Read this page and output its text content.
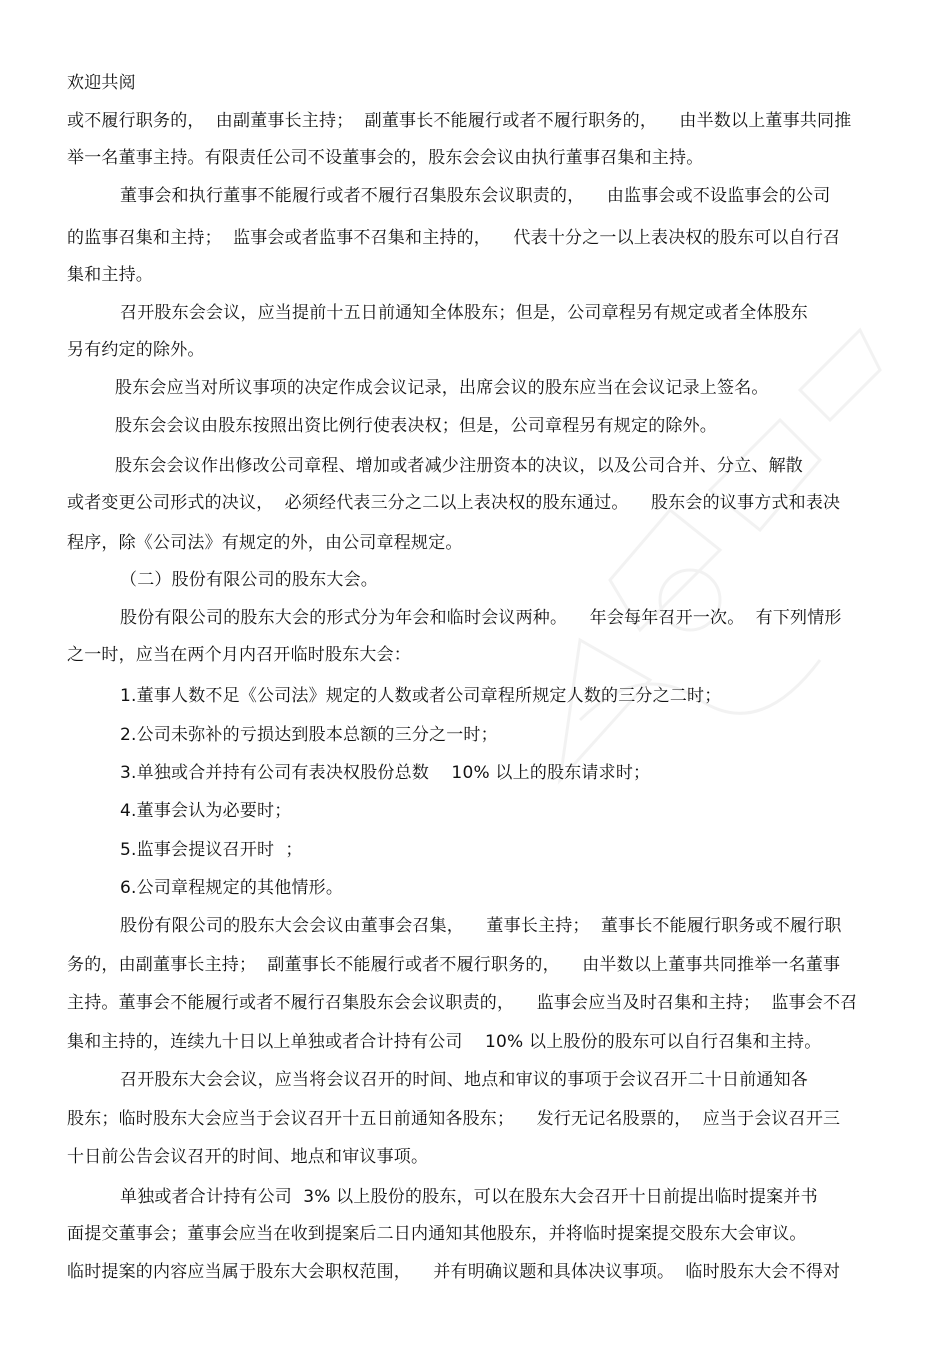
欢迎共阅
或不履行职务的，  由副董事长主持；  副董事长不能履行或者不履行职务的，    由半数以上董事共同推
举一名董事主持。有限责任公司不设董事会的，股东会会议由执行董事召集和主持。
董事会和执行董事不能履行或者不履行召集股东会议职责的，    由监事会或不设监事会的公司
的监事召集和主持；  监事会或者监事不召集和主持的，    代表十分之一以上表决权的股东可以自行召
集和主持。
召开股东会会议，应当提前十五日前通知全体股东；但是，公司章程另有规定或者全体股东
另有约定的除外。
股东会应当对所议事项的决定作成会议记录，出席会议的股东应当在会议记录上签名。
股东会会议由股东按照出资比例行使表决权；但是，公司章程另有规定的除外。
股东会会议作出修改公司章程、增加或者减少注册资本的决议，以及公司合并、分立、解散
或者变更公司形式的决议，  必须经代表三分之二以上表决权的股东通过。    股东会的议事方式和表决
程序，除《公司法》有规定的外，由公司章程规定。
（二）股份有限公司的股东大会。
股份有限公司的股东大会的形式分为年会和临时会议两种。    年会每年召开一次。  有下列情形
之一时，应当在两个月内召开临时股东大会：
1.董事人数不足《公司法》规定的人数或者公司章程所规定人数的三分之二时；
2.公司未弥补的亏损达到股本总额的三分之一时；
3.单独或合并持有公司有表决权股份总数    10% 以上的股东请求时；
4.董事会认为必要时；
5.监事会提议召开时  ；
6.公司章程规定的其他情形。
股份有限公司的股东大会会议由董事会召集，    董事长主持；  董事长不能履行职务或不履行职
务的，由副董事长主持；  副董事长不能履行或者不履行职务的，    由半数以上董事共同推举一名董事
主持。董事会不能履行或者不履行召集股东会会议职责的，    监事会应当及时召集和主持；  监事会不召
集和主持的，连续九十日以上单独或者合计持有公司    10% 以上股份的股东可以自行召集和主持。
召开股东大会会议，应当将会议召开的时间、地点和审议的事项于会议召开二十日前通知各
股东；临时股东大会应当于会议召开十五日前通知各股东；    发行无记名股票的，  应当于会议召开三
十日前公告会议召开的时间、地点和审议事项。
单独或者合计持有公司  3% 以上股份的股东，可以在股东大会召开十日前提出临时提案并书
面提交董事会；董事会应当在收到提案后二日内通知其他股东，并将临时提案提交股东大会审议。
临时提案的内容应当属于股东大会职权范围，    并有明确议题和具体决议事项。  临时股东大会不得对
